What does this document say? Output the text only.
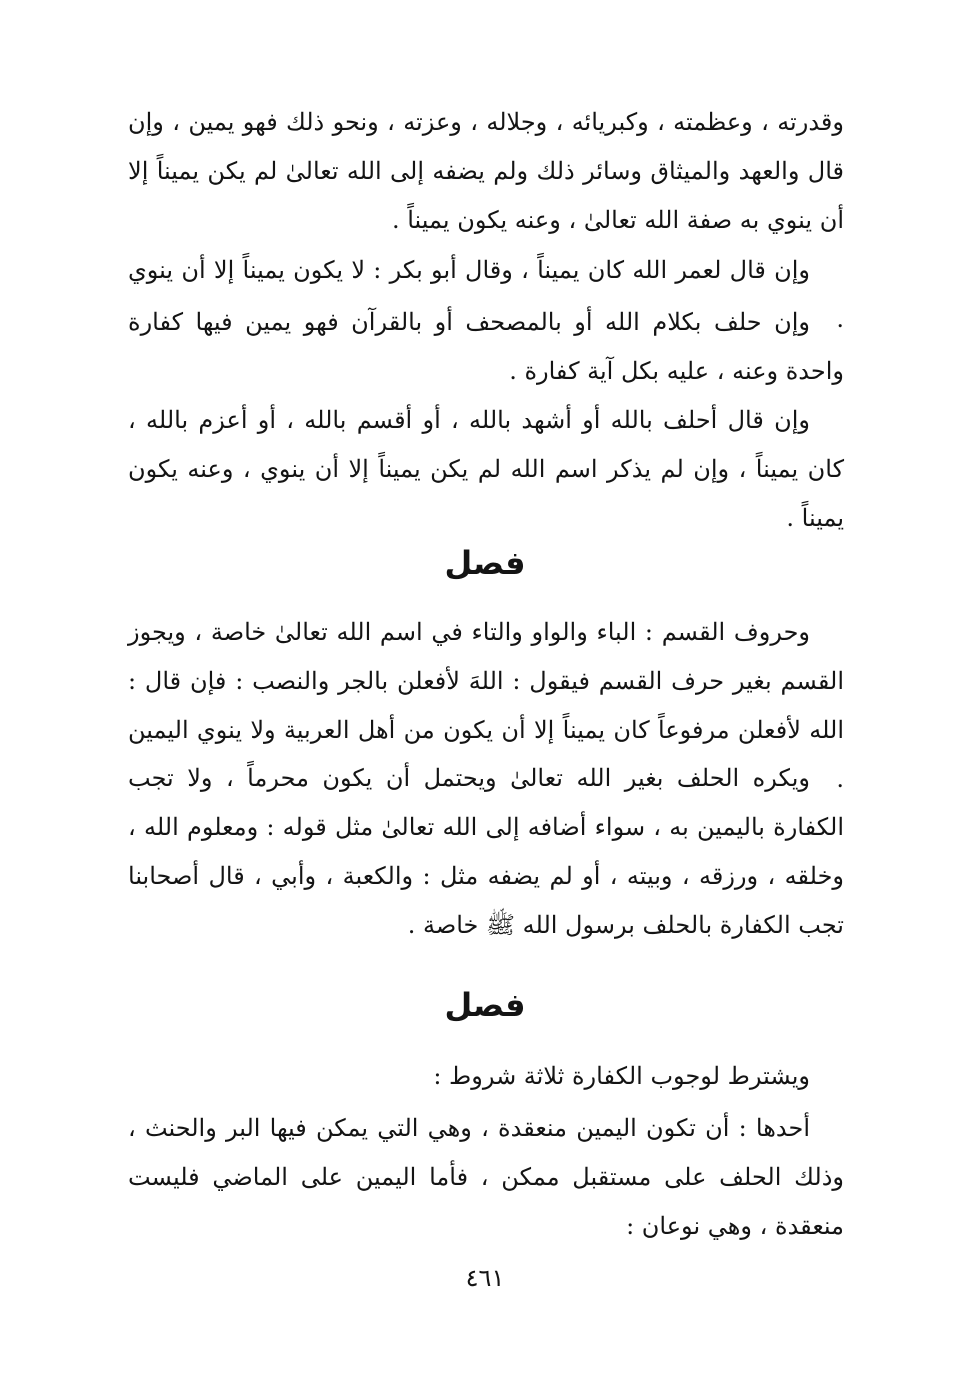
وقدرته ، وعظمته ، وكبريائه ، وجلاله ، وعزته ، ونحو ذلك فهو يمين ، وإن قال والعهد والميثاق وسائر ذلك ولم يضفه إلى الله تعالىٰ لم يكن يميناً إلا أن ينوي به صفة الله تعالىٰ ، وعنه يكون يميناً .

وإن قال لعمر الله كان يميناً ، وقال أبو بكر : لا يكون يميناً إلا أن ينوي .

وإن حلف بكلام الله أو بالمصحف أو بالقرآن فهو يمين فيها كفارة واحدة وعنه ، عليه بكل آية كفارة .

وإن قال أحلف بالله أو أشهد بالله ، أو أقسم بالله ، أو أعزم بالله ، كان يميناً ، وإن لم يذكر اسم الله لم يكن يميناً إلا أن ينوي ، وعنه يكون يميناً .

فصل

وحروف القسم : الباء والواو والتاء في اسم الله تعالىٰ خاصة ، ويجوز القسم بغير حرف القسم فيقول : اللهَ لأفعلن بالجر والنصب : فإن قال : الله لأفعلن مرفوعاً كان يميناً إلا أن يكون من أهل العربية ولا ينوي اليمين .

ويكره الحلف بغير الله تعالىٰ ويحتمل أن يكون محرماً ، ولا تجب الكفارة باليمين به ، سواء أضافه إلى الله تعالىٰ مثل قوله : ومعلوم الله ، وخلقه ، ورزقه ، وبيته ، أو لم يضفه مثل : والكعبة ، وأبي ، قال أصحابنا تجب الكفارة بالحلف برسول الله ﷺ خاصة .

فصل

ويشترط لوجوب الكفارة ثلاثة شروط :

أحدها : أن تكون اليمين منعقدة ، وهي التي يمكن فيها البر والحنث ، وذلك الحلف على مستقبل ممكن ، فأما اليمين على الماضي فليست منعقدة ، وهي نوعان :

٤٦١
